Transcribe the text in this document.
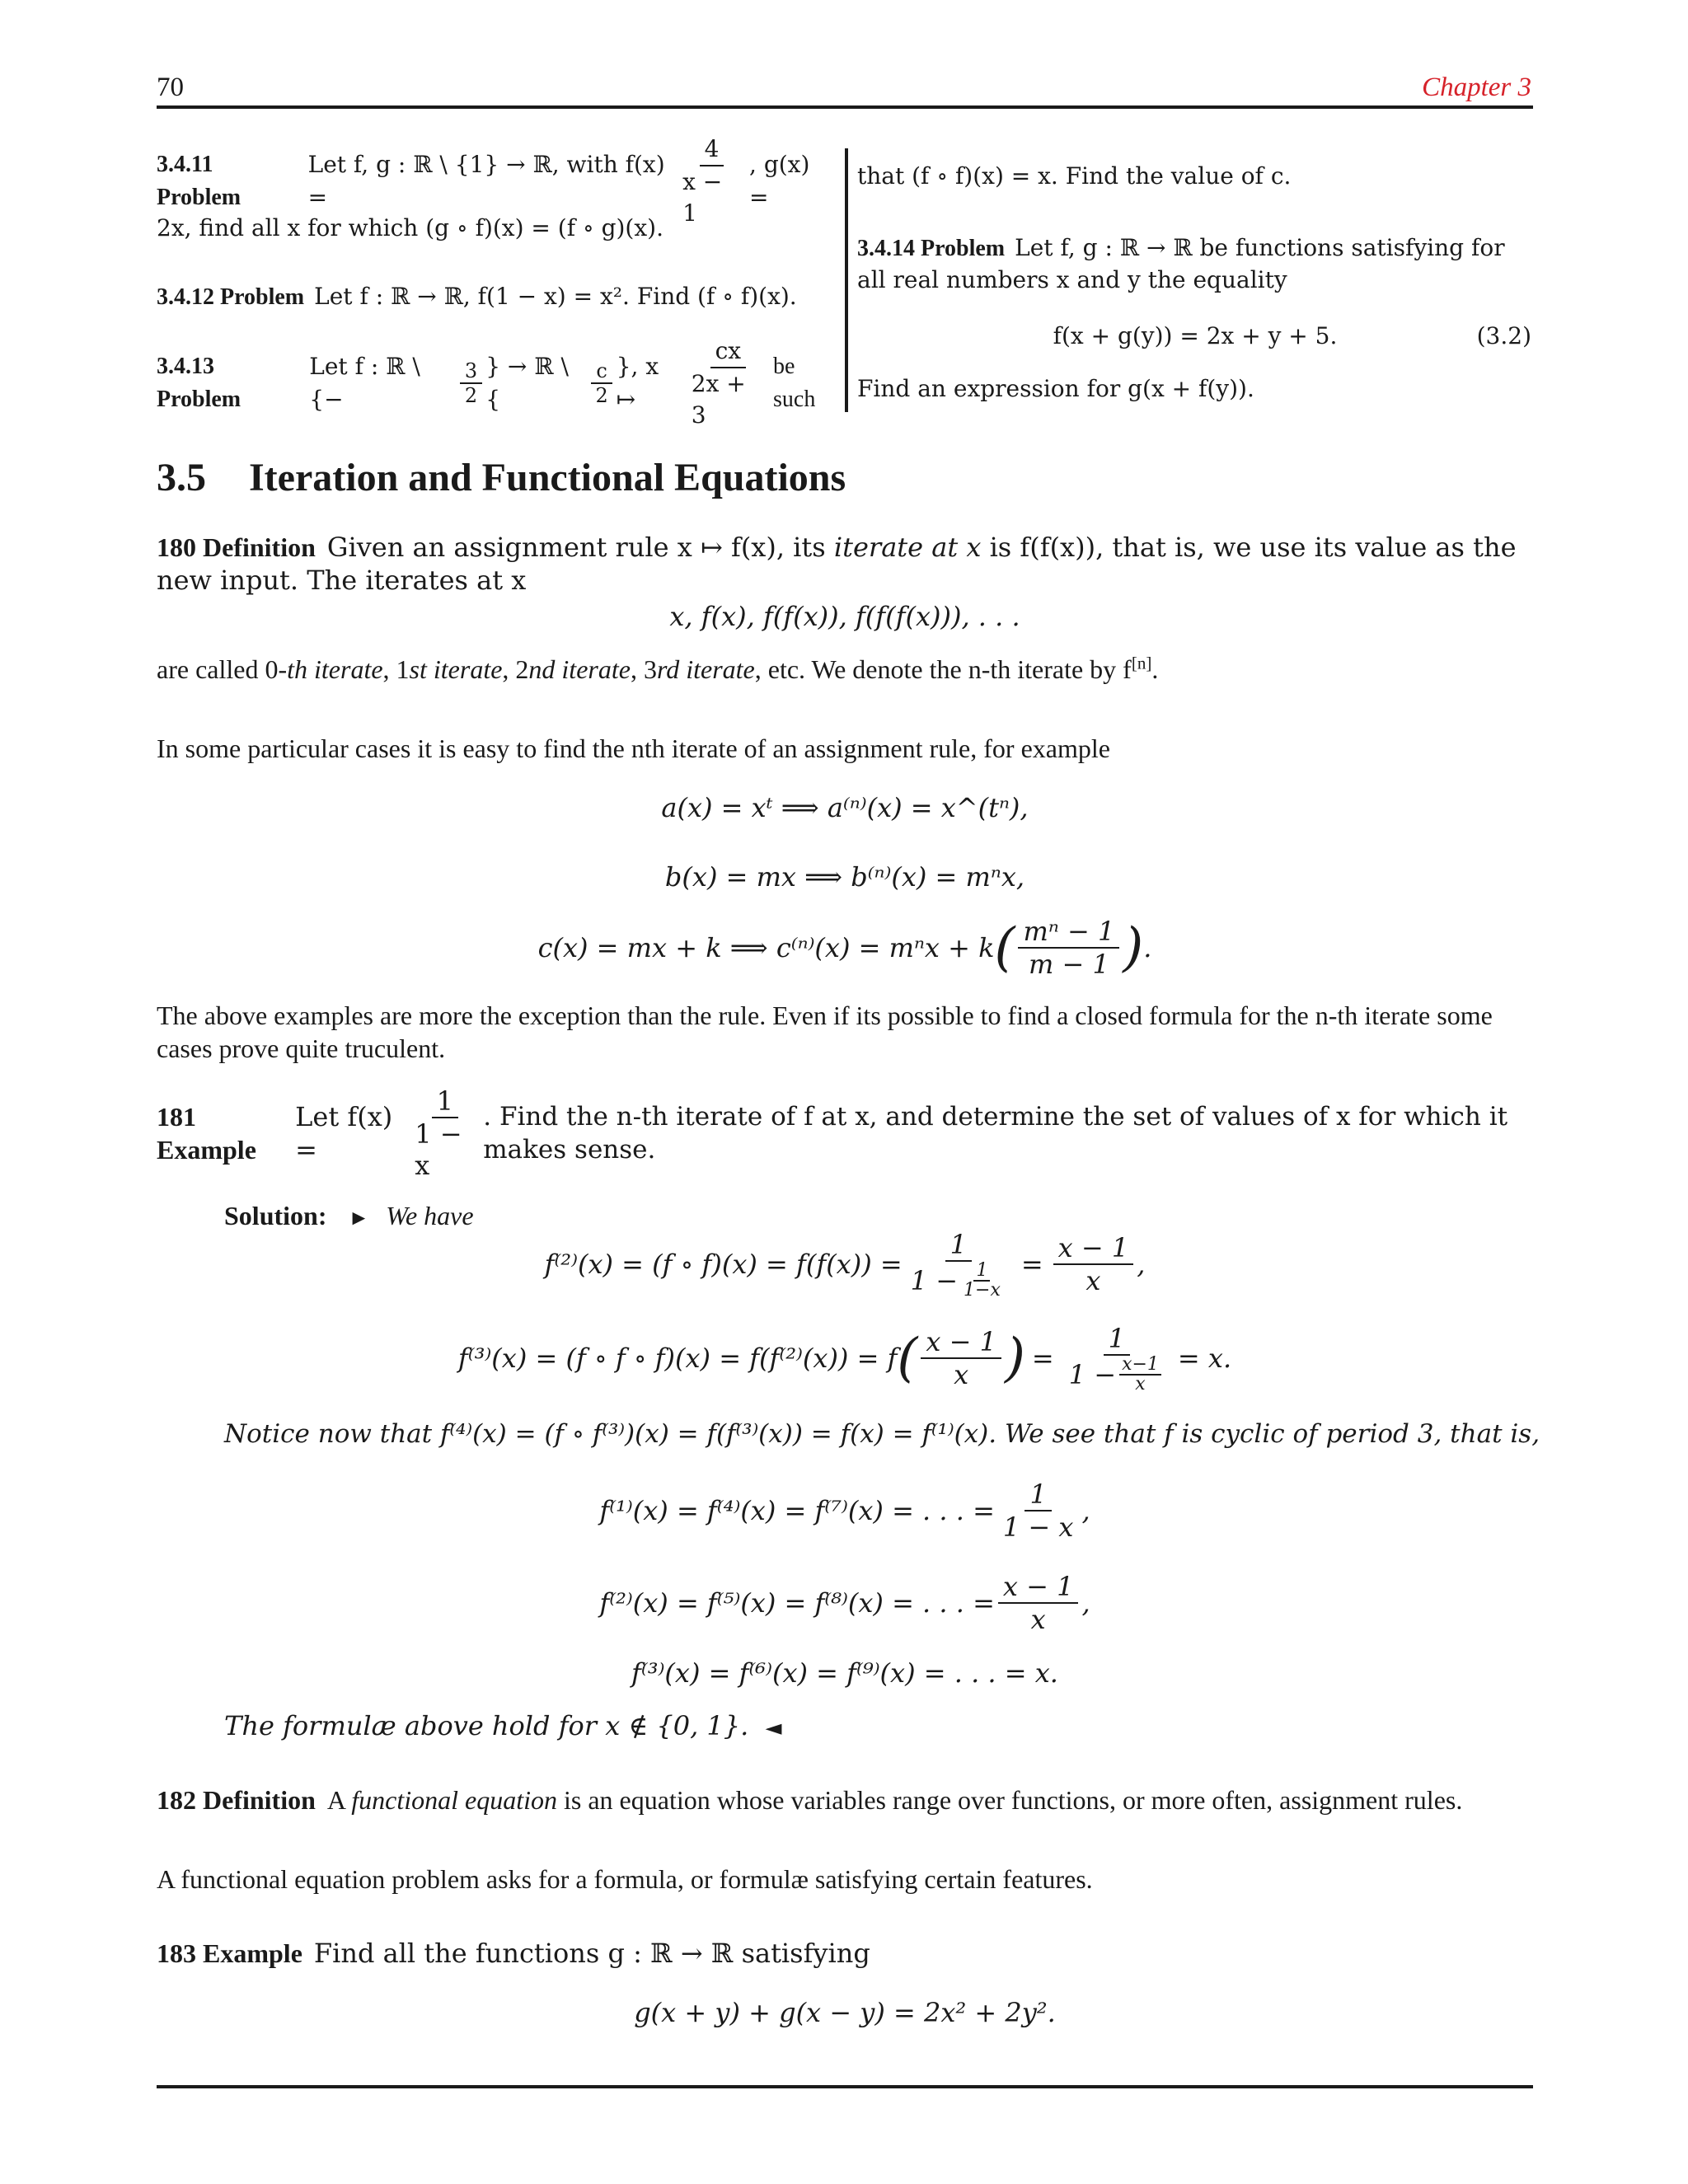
70	Chapter 3
3.4.11 Problem
Let f, g : ℝ \ {1} → ℝ, with f(x) =	$\frac{4}{x - 1}$ , g(x) =
2x, find all x for which (g ∘ f)(x) = (f ∘ g)(x).
3.4.12 Problem Let f : ℝ → ℝ, f(1 − x) = x². Find (f ∘ f)(x).
3.4.13 Problem
Let f : ℝ \ {−	$\frac{3}{2}$ } → ℝ \ {	$\frac{c}{2}$ }, x ↦	$\frac{cx}{2x + 3}$ be such
that (f ∘ f)(x) = x. Find the value of c.
3.4.14 Problem Let f, g : ℝ → ℝ be functions satisfying for all real numbers x and y the equality
f(x + g(y)) = 2x + y + 5.	(3.2)
Find an expression for g(x + f(y)).
3.5 Iteration and Functional Equations
180 Definition Given an assignment rule x ↦ f(x), its iterate at x is f(f(x)), that is, we use its value as the new input. The iterates at x
x, f(x), f(f(x)), f(f(f(x))), . . .
are called 0-th iterate, 1st iterate, 2nd iterate, 3rd iterate, etc. We denote the n-th iterate by f[n].
In some particular cases it is easy to find the nth iterate of an assignment rule, for example
a(x) = xᵗ ⟹ a⁽ⁿ⁾(x) = x^(tⁿ),
b(x) = mx ⟹ b⁽ⁿ⁾(x) = mⁿx,
c(x) = mx + k ⟹ c⁽ⁿ⁾(x) = mⁿx + k ( $\frac{\text{mⁿ − 1}}{m - 1}$ ) .
The above examples are more the exception than the rule. Even if its possible to find a closed formula for the n-th iterate some cases prove quite truculent.
181 Example
Let f(x) =	$\frac{1}{1 - x}$ . Find the n-th iterate of f at x, and determine the set of values of x for which it makes sense.
Solution: ► We have
f⁽²⁾(x) = (f ∘ $f)(x) = f(f(x)) = \frac{1}{1 - \frac{1}{1-x}} = \frac{x - 1}{x}$ ,
f⁽³⁾(x) = (f ∘ f ∘ f)(x) = f(f⁽²⁾(x)) = f ( $\frac{x - 1}{x}$ ) = $\frac{1}{1 - \frac{x-1}{x}} = x$.
Notice now that f⁽⁴⁾(x) = (f ∘ f⁽³⁾)(x) = f(f⁽³⁾(x)) = f(x) = f⁽¹⁾(x). We see that f is cyclic of period 3, that is,
f⁽¹⁾(x) = f⁽⁴⁾(x) = f⁽⁷⁾(x) = . . . = $\frac{1}{1 - x}$ ,
f⁽²⁾(x) = f⁽⁵⁾(x) = f⁽⁸⁾(x) = . . . = $\frac{x - 1}{x}$ ,
f⁽³⁾(x) = f⁽⁶⁾(x) = f⁽⁹⁾(x) = . . . = x.
The formulæ above hold for x ∉ {0, 1}. ◄
182 Definition A functional equation is an equation whose variables range over functions, or more often, assignment rules.
A functional equation problem asks for a formula, or formulæ satisfying certain features.
183 Example Find all the functions g : ℝ → ℝ satisfying
g(x + y) + g(x − y) = 2x² + 2y².
